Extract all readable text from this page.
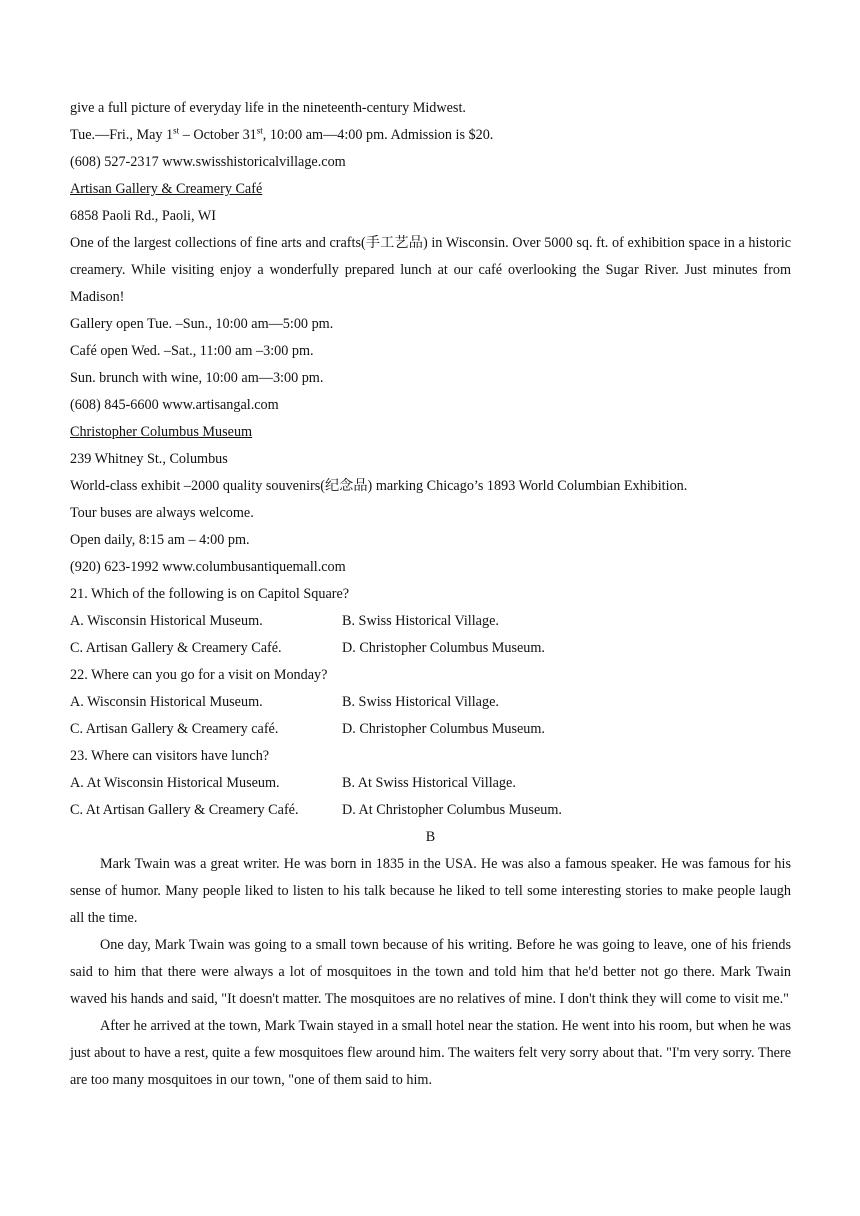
give a full picture of everyday life in the nineteenth-century Midwest.
Tue.—Fri., May 1st – October 31st, 10:00 am—4:00 pm. Admission is $20.
(608) 527-2317 www.swisshistoricalvillage.com
Artisan Gallery & Creamery Café
6858 Paoli Rd., Paoli, WI

One of the largest collections of fine arts and crafts(手工艺品) in Wisconsin. Over 5000 sq. ft. of exhibition space in a historic creamery. While visiting enjoy a wonderfully prepared lunch at our café overlooking the Sugar River. Just minutes from Madison!

Gallery open Tue. –Sun., 10:00 am—5:00 pm.
Café open Wed. –Sat., 11:00 am –3:00 pm.
Sun. brunch with wine, 10:00 am—3:00 pm.
(608) 845-6600 www.artisangal.com
Christopher Columbus Museum
239 Whitney St., Columbus
World-class exhibit –2000 quality souvenirs(纪念品) marking Chicago’s 1893 World Columbian Exhibition.
Tour buses are always welcome.
Open daily, 8:15 am – 4:00 pm.
(920) 623-1992 www.columbusantiquemall.com
21. Which of the following is on Capitol Square?
A. Wisconsin Historical Museum.	B. Swiss Historical Village.
C. Artisan Gallery & Creamery Café.	D. Christopher Columbus Museum.
22. Where can you go for a visit on Monday?
A. Wisconsin Historical Museum.	B. Swiss Historical Village.
C. Artisan Gallery & Creamery café.	D. Christopher Columbus Museum.
23. Where can visitors have lunch?
A. At Wisconsin Historical Museum.	B. At Swiss Historical Village.
C. At Artisan Gallery & Creamery Café.	D. At Christopher Columbus Museum.
B

Mark Twain was a great writer. He was born in 1835 in the USA. He was also a famous speaker. He was famous for his sense of humor. Many people liked to listen to his talk because he liked to tell some interesting stories to make people laugh all the time.

One day, Mark Twain was going to a small town because of his writing. Before he was going to leave, one of his friends said to him that there were always a lot of mosquitoes in the town and told him that he'd better not go there. Mark Twain waved his hands and said, "It doesn't matter. The mosquitoes are no relatives of mine. I don't think they will come to visit me."

After he arrived at the town, Mark Twain stayed in a small hotel near the station. He went into his room, but when he was just about to have a rest, quite a few mosquitoes flew around him. The waiters felt very sorry about that. "I'm very sorry. There are too many mosquitoes in our town, "one of them said to him.
